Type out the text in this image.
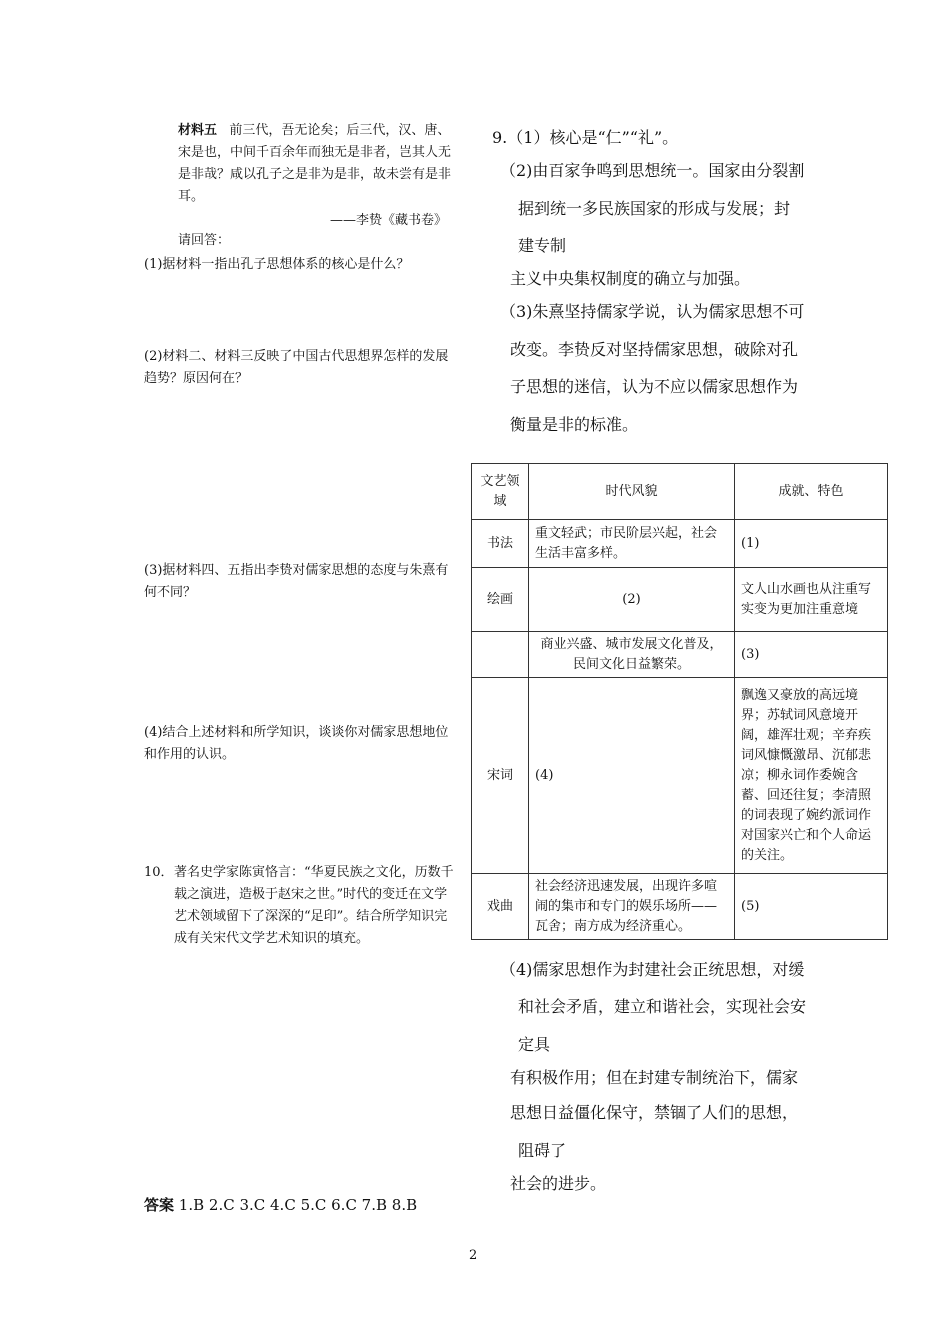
材料五 前三代，吾无论矣；后三代，汉、唐、宋是也，中间千百余年而独无是非者，岂其人无是非哉？咸以孔子之是非为是非，故未尝有是非耳。
——李贽《藏书卷》
请回答：
(1)据材料一指出孔子思想体系的核心是什么？
(2)材料二、材料三反映了中国古代思想界怎样的发展趋势？原因何在？
(3)据材料四、五指出李贽对儒家思想的态度与朱熹有何不同？
(4)结合上述材料和所学知识，谈谈你对儒家思想地位和作用的认识。
10． 著名史学家陈寅恪言：“华夏民族之文化，历数千载之演进，造极于赵宋之世。”时代的变迁在文学艺术领域留下了深深的“足印”。结合所学知识完成有关宋代文学艺术知识的填充。
答案 1.B 2.C 3.C 4.C 5.C 6.C 7.B 8.B
9.（1）核心是“仁”“礼”。
（2)由百家争鸣到思想统一。国家由分裂割
据到统一多民族国家的形成与发展；封
建专制
主义中央集权制度的确立与加强。
（3)朱熹坚持儒家学说，认为儒家思想不可
改变。李贽反对坚持儒家思想，破除对孔
子思想的迷信，认为不应以儒家思想作为
衡量是非的标准。
文艺领域	时代风貌	成就、特色
书法	重文轻武；市民阶层兴起，社会生活丰富多样。	(1)
绘画	(2)	文人山水画也从注重写实变为更加注重意境
	商业兴盛、城市发展文化普及，民间文化日益繁荣。	(3)
宋词	(4)	飘逸又豪放的高远境界；苏轼词风意境开阔，雄浑壮观；辛弃疾词风慷慨激昂、沉郁悲凉；柳永词作委婉含蓄、回还往复；李清照的词表现了婉约派词作对国家兴亡和个人命运的关注。
戏曲	社会经济迅速发展，出现许多喧闹的集市和专门的娱乐场所——瓦舍；南方成为经济重心。	(5)
（4)儒家思想作为封建社会正统思想，对缓
和社会矛盾，建立和谐社会，实现社会安
定具
有积极作用；但在封建专制统治下，儒家
思想日益僵化保守，禁锢了人们的思想，
阻碍了
社会的进步。
2
